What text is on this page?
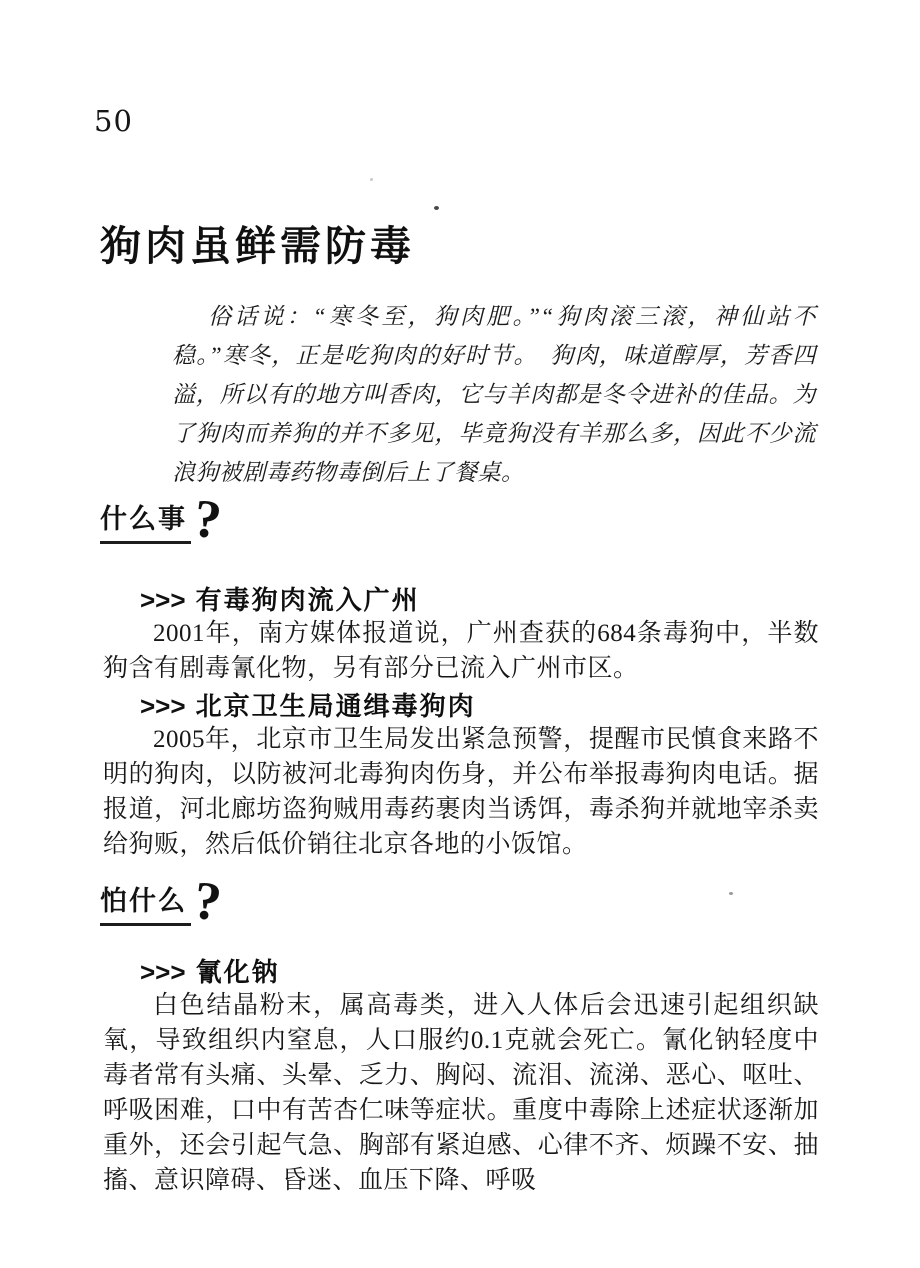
50
狗肉虽鲜需防毒

俗话说：“寒冬至，狗肉肥。”“狗肉滚三滚，神仙站不稳。”寒冬，正是吃狗肉的好时节。　狗肉，味道醇厚，芳香四溢，所以有的地方叫香肉，它与羊肉都是冬令进补的佳品。为了狗肉而养狗的并不多见，毕竟狗没有羊那么多，因此不少流浪狗被剧毒药物毒倒后上了餐桌。

什么事 ?
>>> 有毒狗肉流入广州

2001年，南方媒体报道说，广州查获的684条毒狗中，半数狗含有剧毒氰化物，另有部分已流入广州市区。

>>> 北京卫生局通缉毒狗肉

2005年，北京市卫生局发出紧急预警，提醒市民慎食来路不明的狗肉，以防被河北毒狗肉伤身，并公布举报毒狗肉电话。据报道，河北廊坊盗狗贼用毒药裹肉当诱饵，毒杀狗并就地宰杀卖给狗贩，然后低价销往北京各地的小饭馆。

怕什么 ?
>>> 氰化钠

白色结晶粉末，属高毒类，进入人体后会迅速引起组织缺氧，导致组织内窒息，人口服约0.1克就会死亡。氰化钠轻度中毒者常有头痛、头晕、乏力、胸闷、流泪、流涕、恶心、呕吐、呼吸困难，口中有苦杏仁味等症状。重度中毒除上述症状逐渐加重外，还会引起气急、胸部有紧迫感、心律不齐、烦躁不安、抽搐、意识障碍、昏迷、血压下降、呼吸
